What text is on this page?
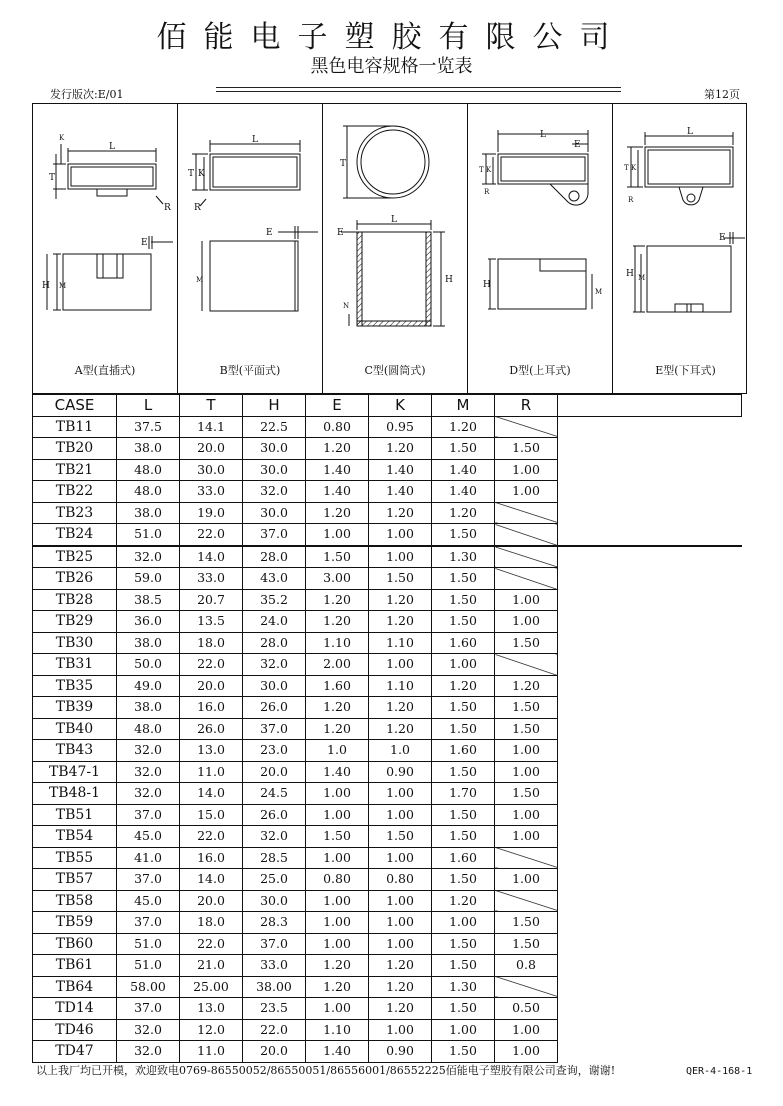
佰能电子塑胶有限公司
黑色电容规格一览表
发行版次:E/01	第12页
L
T
K
R
E
H M
A型(直插式)
L
T K
R
E
M
B型(平面式)
T
E
L
H
N
C型(圆筒式)
L
E
T K
R
H
M
D型(上耳式)
L
E
T K
R
H M
E型(下耳式)
CASE	L	T	H	E	K	M	R	
TB11	37.5	14.1	22.5	0.80	0.95	1.20		
TB20	38.0	20.0	30.0	1.20	1.20	1.50	1.50	
TB21	48.0	30.0	30.0	1.40	1.40	1.40	1.00	
TB22	48.0	33.0	32.0	1.40	1.40	1.40	1.00	
TB23	38.0	19.0	30.0	1.20	1.20	1.20		
TB24	51.0	22.0	37.0	1.00	1.00	1.50		
TB25	32.0	14.0	28.0	1.50	1.00	1.30		
TB26	59.0	33.0	43.0	3.00	1.50	1.50		
TB28	38.5	20.7	35.2	1.20	1.20	1.50	1.00	
TB29	36.0	13.5	24.0	1.20	1.20	1.50	1.00	
TB30	38.0	18.0	28.0	1.10	1.10	1.60	1.50	
TB31	50.0	22.0	32.0	2.00	1.00	1.00		
TB35	49.0	20.0	30.0	1.60	1.10	1.20	1.20	
TB39	38.0	16.0	26.0	1.20	1.20	1.50	1.50	
TB40	48.0	26.0	37.0	1.20	1.20	1.50	1.50	
TB43	32.0	13.0	23.0	1.0	1.0	1.60	1.00	
TB47-1	32.0	11.0	20.0	1.40	0.90	1.50	1.00	
TB48-1	32.0	14.0	24.5	1.00	1.00	1.70	1.50	
TB51	37.0	15.0	26.0	1.00	1.00	1.50	1.00	
TB54	45.0	22.0	32.0	1.50	1.50	1.50	1.00	
TB55	41.0	16.0	28.5	1.00	1.00	1.60		
TB57	37.0	14.0	25.0	0.80	0.80	1.50	1.00	
TB58	45.0	20.0	30.0	1.00	1.00	1.20		
TB59	37.0	18.0	28.3	1.00	1.00	1.00	1.50	
TB60	51.0	22.0	37.0	1.00	1.00	1.50	1.50	
TB61	51.0	21.0	33.0	1.20	1.20	1.50	0.8	
TB64	58.00	25.00	38.00	1.20	1.20	1.30		
TD14	37.0	13.0	23.5	1.00	1.20	1.50	0.50	
TD46	32.0	12.0	22.0	1.10	1.00	1.00	1.00	
TD47	32.0	11.0	20.0	1.40	0.90	1.50	1.00	
以上我厂均已开模，欢迎致电0769-86550052/86550051/86556001/86552225佰能电子塑胶有限公司查询，谢谢!	QER-4-168-1
